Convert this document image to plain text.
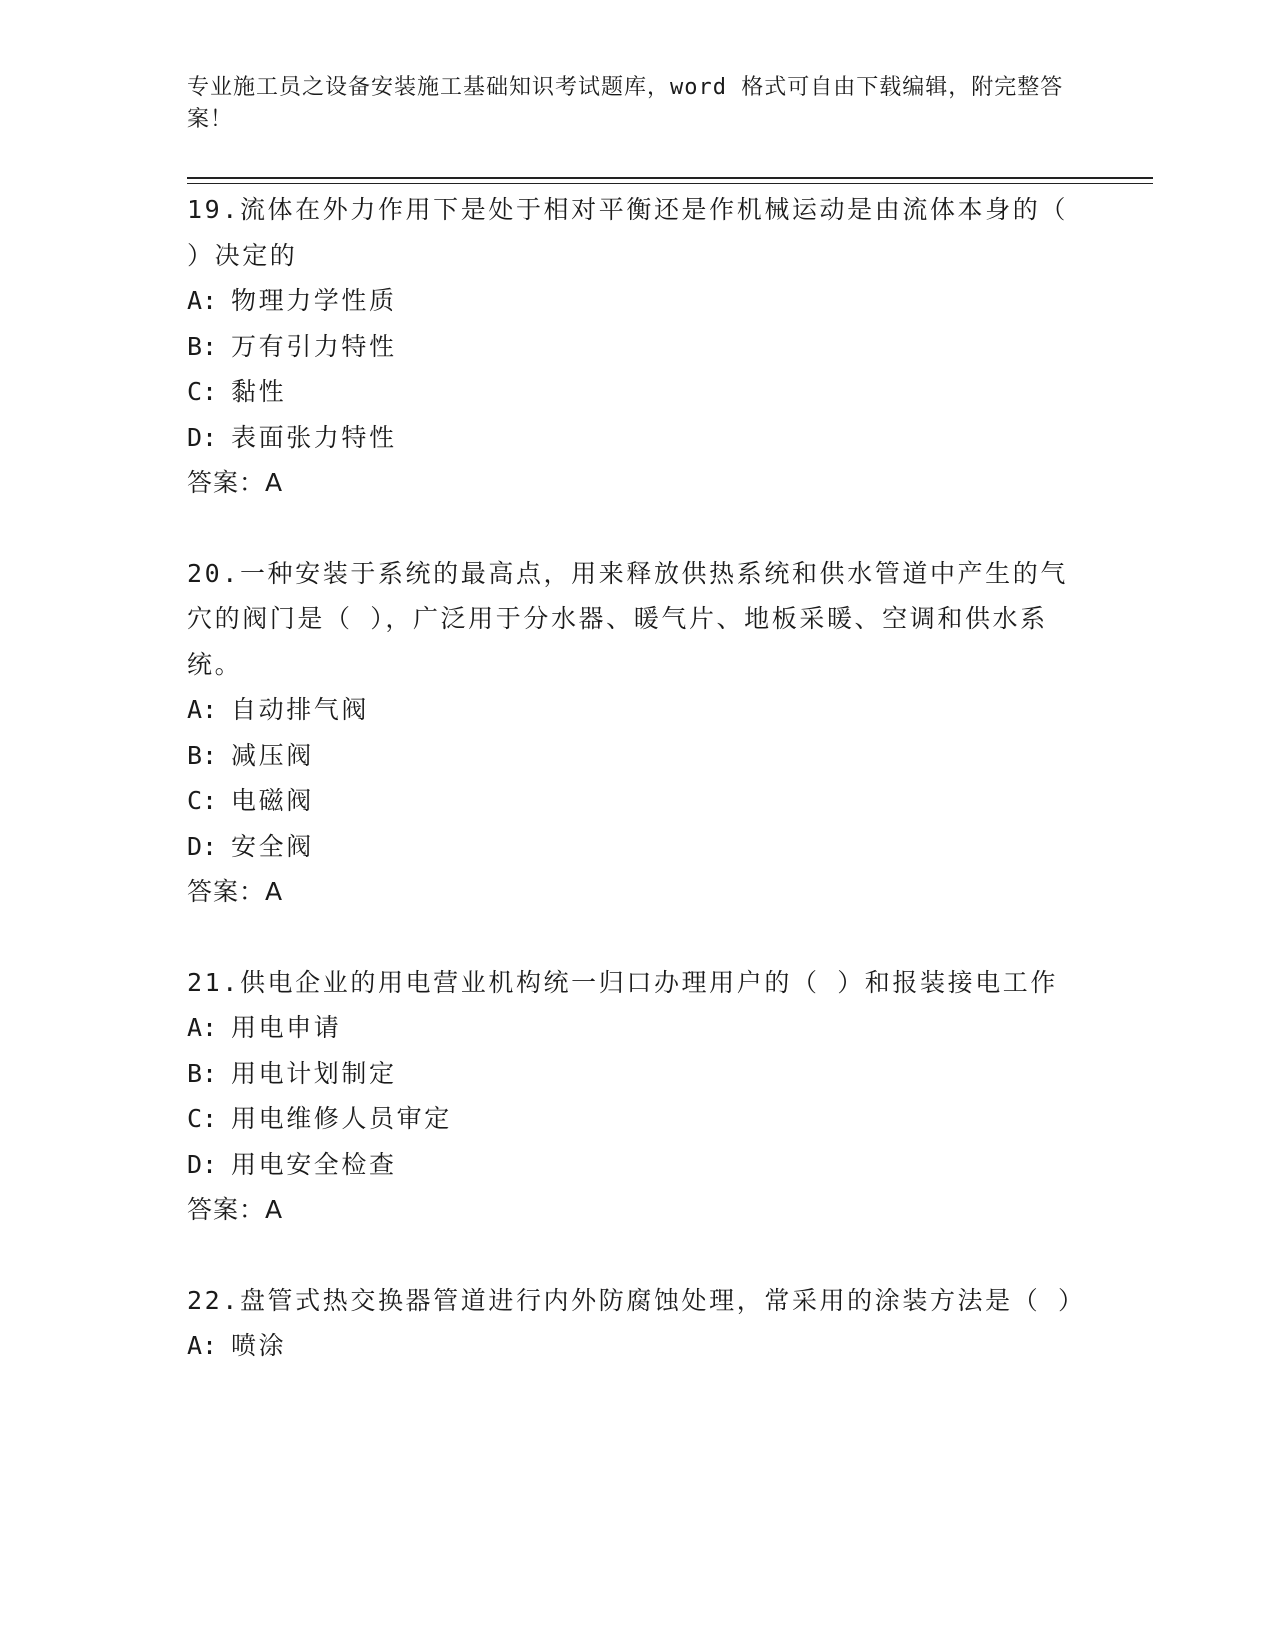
专业施工员之设备安装施工基础知识考试题库，word 格式可自由下载编辑，附完整答案！

19.流体在外力作用下是处于相对平衡还是作机械运动是由流体本身的（ ）决定的

A: 物理力学性质
B: 万有引力特性
C: 黏性
D: 表面张力特性
答案：A

20.一种安装于系统的最高点，用来释放供热系统和供水管道中产生的气穴的阀门是（ ），广泛用于分水器、暖气片、地板采暖、空调和供水系统。

A: 自动排气阀
B: 减压阀
C: 电磁阀
D: 安全阀
答案：A

21.供电企业的用电营业机构统一归口办理用户的（ ）和报装接电工作

A: 用电申请
B: 用电计划制定
C: 用电维修人员审定
D: 用电安全检查
答案：A

22.盘管式热交换器管道进行内外防腐蚀处理，常采用的涂装方法是（ ）

A: 喷涂
